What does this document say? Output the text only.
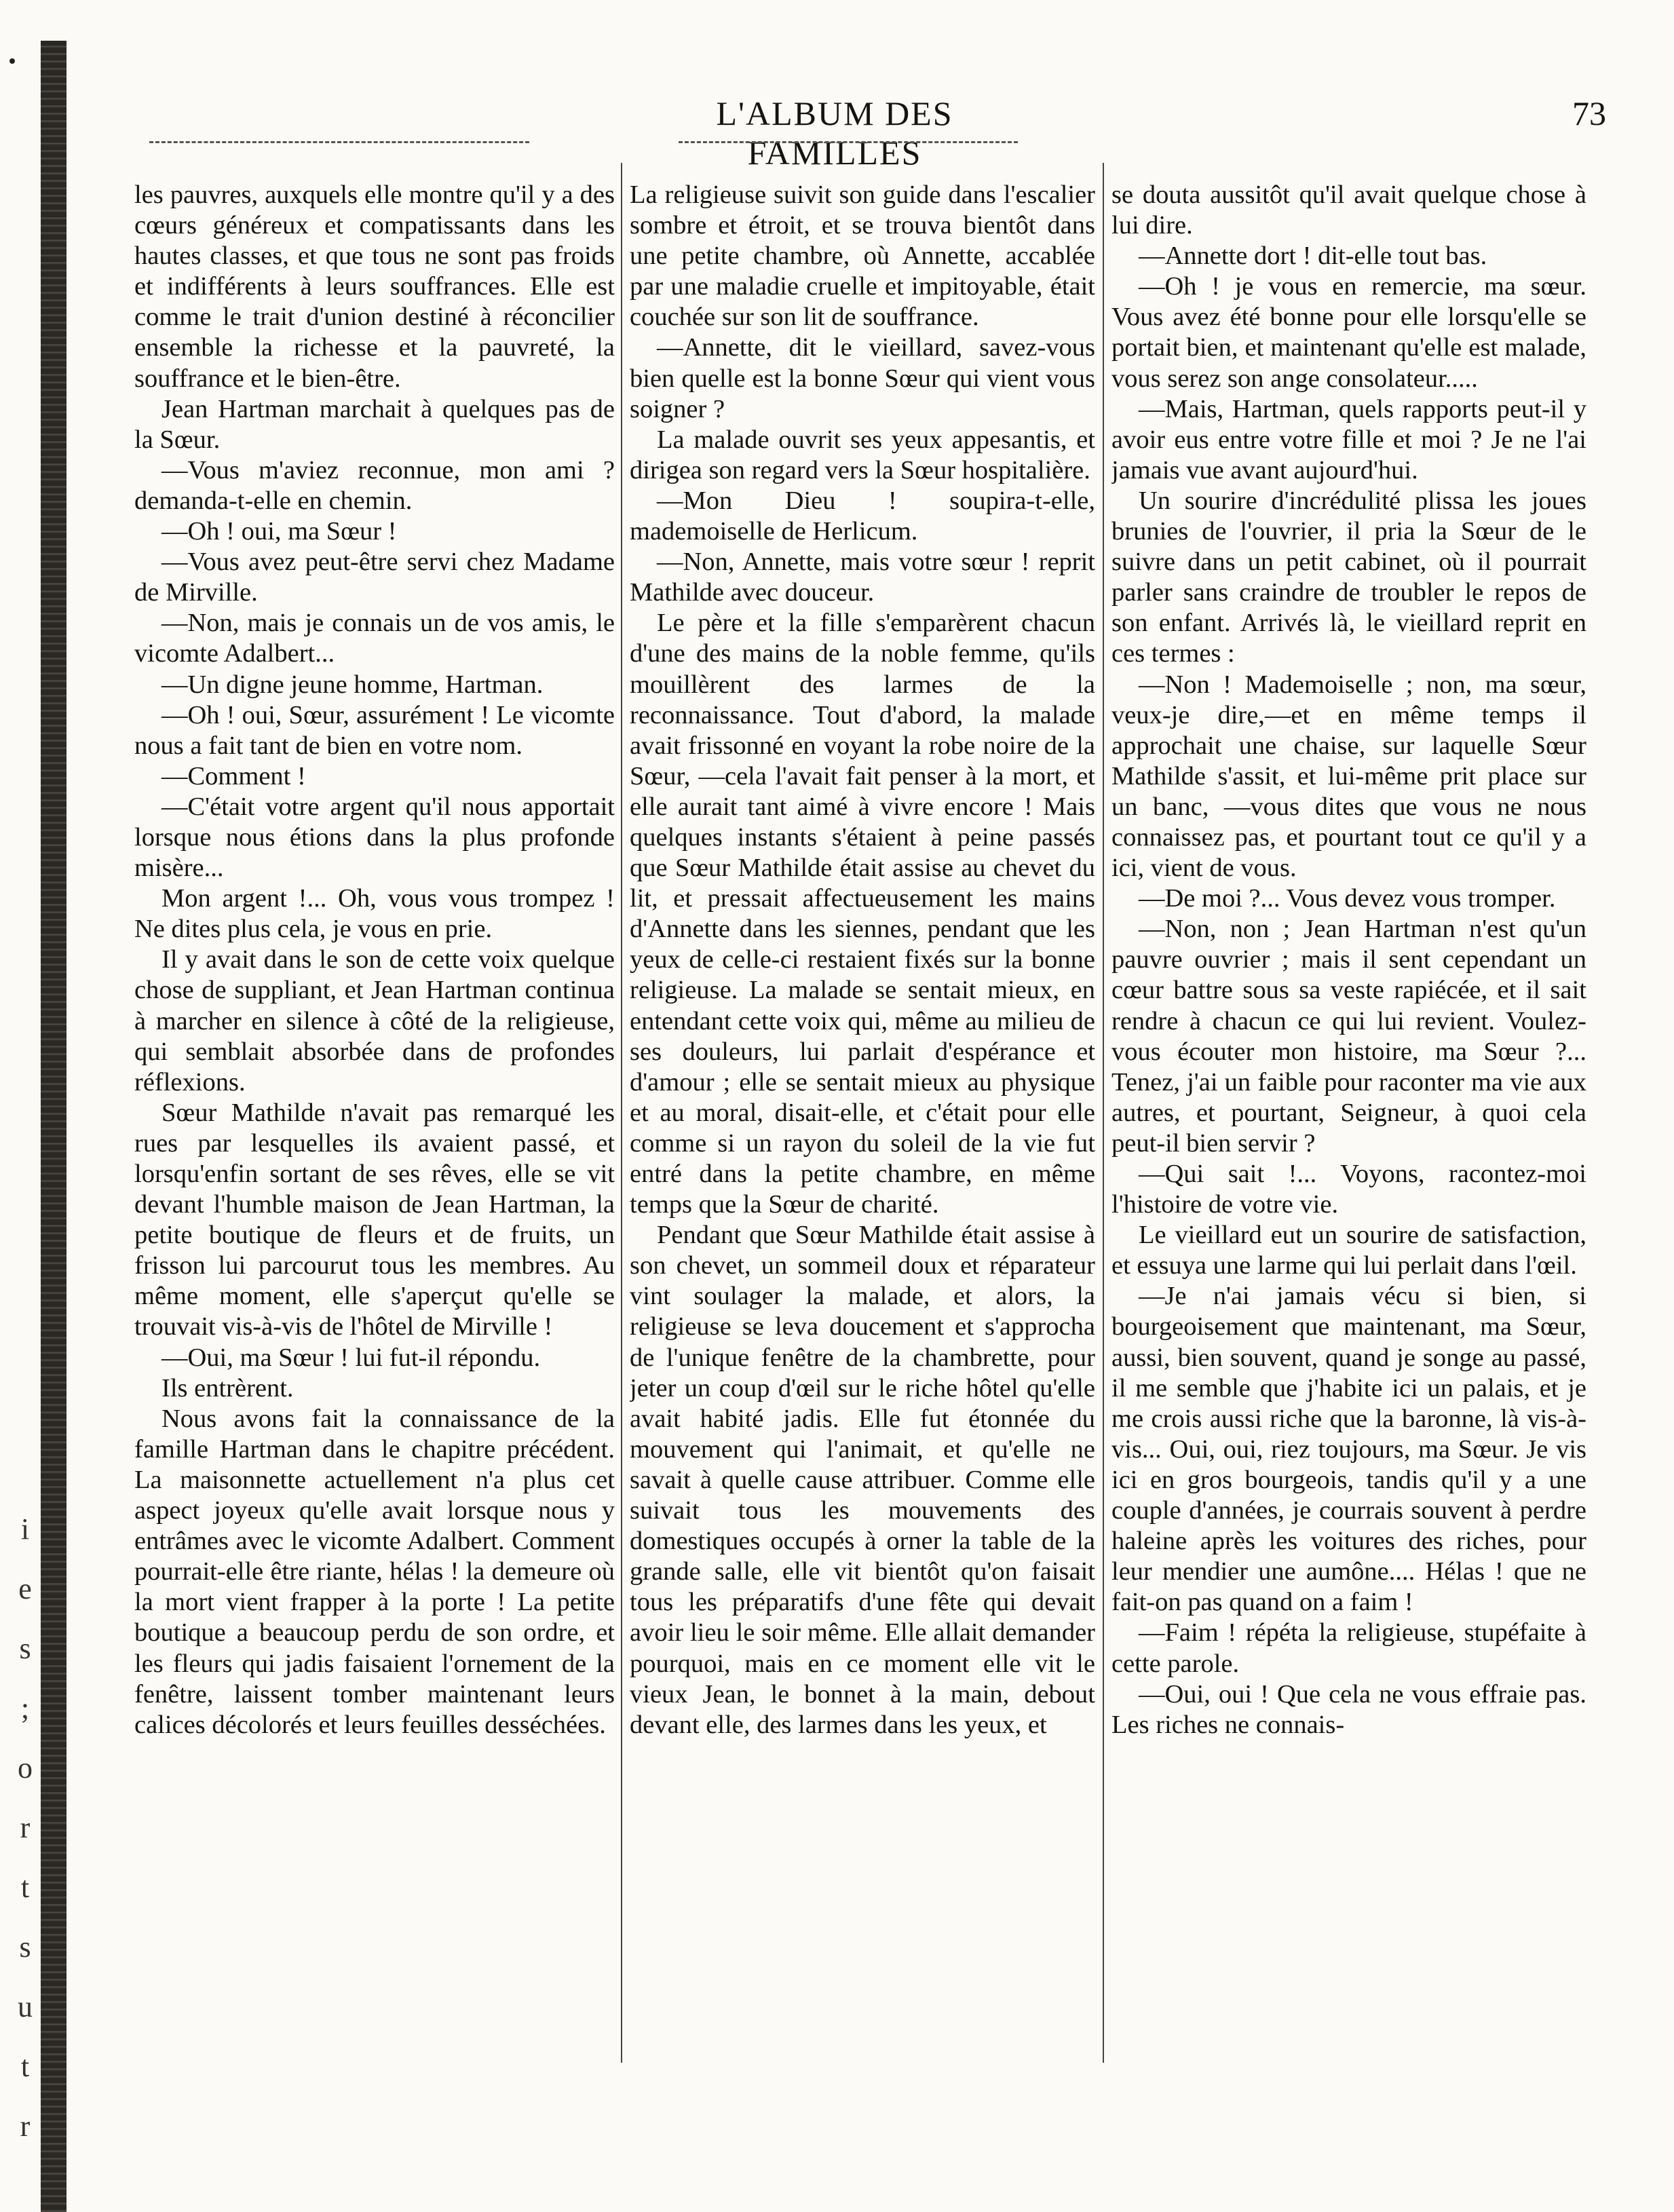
i
e
s
;
o
r
t
s
u
t
r
L'ALBUM DES FAMILLES
73

les pauvres, auxquels elle montre qu'il y a des cœurs généreux et compatissants dans les hautes classes, et que tous ne sont pas froids et indifférents à leurs souffrances. Elle est comme le trait d'union destiné à réconcilier ensemble la richesse et la pauvreté, la souffrance et le bien-être.

Jean Hartman marchait à quelques pas de la Sœur.

—Vous m'aviez reconnue, mon ami ? demanda-t-elle en chemin.

—Oh ! oui, ma Sœur !

—Vous avez peut-être servi chez Madame de Mirville.

—Non, mais je connais un de vos amis, le vicomte Adalbert...

—Un digne jeune homme, Hartman.

—Oh ! oui, Sœur, assurément ! Le vicomte nous a fait tant de bien en votre nom.

—Comment !

—C'était votre argent qu'il nous apportait lorsque nous étions dans la plus profonde misère...

Mon argent !... Oh, vous vous trompez ! Ne dites plus cela, je vous en prie.

Il y avait dans le son de cette voix quelque chose de suppliant, et Jean Hartman continua à marcher en silence à côté de la religieuse, qui semblait absorbée dans de profondes réflexions.

Sœur Mathilde n'avait pas remarqué les rues par lesquelles ils avaient passé, et lorsqu'enfin sortant de ses rêves, elle se vit devant l'humble maison de Jean Hartman, la petite boutique de fleurs et de fruits, un frisson lui parcourut tous les membres. Au même moment, elle s'aperçut qu'elle se trouvait vis-à-vis de l'hôtel de Mirville !

—Oui, ma Sœur ! lui fut-il répondu.

Ils entrèrent.

Nous avons fait la connaissance de la famille Hartman dans le chapitre précédent. La maisonnette actuellement n'a plus cet aspect joyeux qu'elle avait lorsque nous y entrâmes avec le vicomte Adalbert. Comment pourrait-elle être riante, hélas ! la demeure où la mort vient frapper à la porte ! La petite boutique a beaucoup perdu de son ordre, et les fleurs qui jadis faisaient l'ornement de la fenêtre, laissent tomber maintenant leurs calices décolorés et leurs feuilles desséchées.

La religieuse suivit son guide dans l'escalier sombre et étroit, et se trouva bientôt dans une petite chambre, où Annette, accablée par une maladie cruelle et impitoyable, était couchée sur son lit de souffrance.

—Annette, dit le vieillard, savez-vous bien quelle est la bonne Sœur qui vient vous soigner ?

La malade ouvrit ses yeux appesantis, et dirigea son regard vers la Sœur hospitalière.

—Mon Dieu ! soupira-t-elle, mademoiselle de Herlicum.

—Non, Annette, mais votre sœur ! reprit Mathilde avec douceur.

Le père et la fille s'emparèrent chacun d'une des mains de la noble femme, qu'ils mouillèrent des larmes de la reconnaissance. Tout d'abord, la malade avait frissonné en voyant la robe noire de la Sœur, —cela l'avait fait penser à la mort, et elle aurait tant aimé à vivre encore ! Mais quelques instants s'étaient à peine passés que Sœur Mathilde était assise au chevet du lit, et pressait affectueusement les mains d'Annette dans les siennes, pendant que les yeux de celle-ci restaient fixés sur la bonne religieuse. La malade se sentait mieux, en entendant cette voix qui, même au milieu de ses douleurs, lui parlait d'espérance et d'amour ; elle se sentait mieux au physique et au moral, disait-elle, et c'était pour elle comme si un rayon du soleil de la vie fut entré dans la petite chambre, en même temps que la Sœur de charité.

Pendant que Sœur Mathilde était assise à son chevet, un sommeil doux et réparateur vint soulager la malade, et alors, la religieuse se leva doucement et s'approcha de l'unique fenêtre de la chambrette, pour jeter un coup d'œil sur le riche hôtel qu'elle avait habité jadis. Elle fut étonnée du mouvement qui l'animait, et qu'elle ne savait à quelle cause attribuer. Comme elle suivait tous les mouvements des domestiques occupés à orner la table de la grande salle, elle vit bientôt qu'on faisait tous les préparatifs d'une fête qui devait avoir lieu le soir même. Elle allait demander pourquoi, mais en ce moment elle vit le vieux Jean, le bonnet à la main, debout devant elle, des larmes dans les yeux, et

se douta aussitôt qu'il avait quelque chose à lui dire.

—Annette dort ! dit-elle tout bas.

—Oh ! je vous en remercie, ma sœur. Vous avez été bonne pour elle lorsqu'elle se portait bien, et maintenant qu'elle est malade, vous serez son ange consolateur.....

—Mais, Hartman, quels rapports peut-il y avoir eus entre votre fille et moi ? Je ne l'ai jamais vue avant aujourd'hui.

Un sourire d'incrédulité plissa les joues brunies de l'ouvrier, il pria la Sœur de le suivre dans un petit cabinet, où il pourrait parler sans craindre de troubler le repos de son enfant. Arrivés là, le vieillard reprit en ces termes :

—Non ! Mademoiselle ; non, ma sœur, veux-je dire,—et en même temps il approchait une chaise, sur laquelle Sœur Mathilde s'assit, et lui-même prit place sur un banc, —vous dites que vous ne nous connaissez pas, et pourtant tout ce qu'il y a ici, vient de vous.

—De moi ?... Vous devez vous tromper.

—Non, non ; Jean Hartman n'est qu'un pauvre ouvrier ; mais il sent cependant un cœur battre sous sa veste rapiécée, et il sait rendre à chacun ce qui lui revient. Voulez-vous écouter mon histoire, ma Sœur ?... Tenez, j'ai un faible pour raconter ma vie aux autres, et pourtant, Seigneur, à quoi cela peut-il bien servir ?

—Qui sait !... Voyons, racontez-moi l'histoire de votre vie.

Le vieillard eut un sourire de satisfaction, et essuya une larme qui lui perlait dans l'œil.

—Je n'ai jamais vécu si bien, si bourgeoisement que maintenant, ma Sœur, aussi, bien souvent, quand je songe au passé, il me semble que j'habite ici un palais, et je me crois aussi riche que la baronne, là vis-à-vis... Oui, oui, riez toujours, ma Sœur. Je vis ici en gros bourgeois, tandis qu'il y a une couple d'années, je courrais souvent à perdre haleine après les voitures des riches, pour leur mendier une aumône.... Hélas ! que ne fait-on pas quand on a faim !

—Faim ! répéta la religieuse, stupéfaite à cette parole.

—Oui, oui ! Que cela ne vous effraie pas. Les riches ne connais-
